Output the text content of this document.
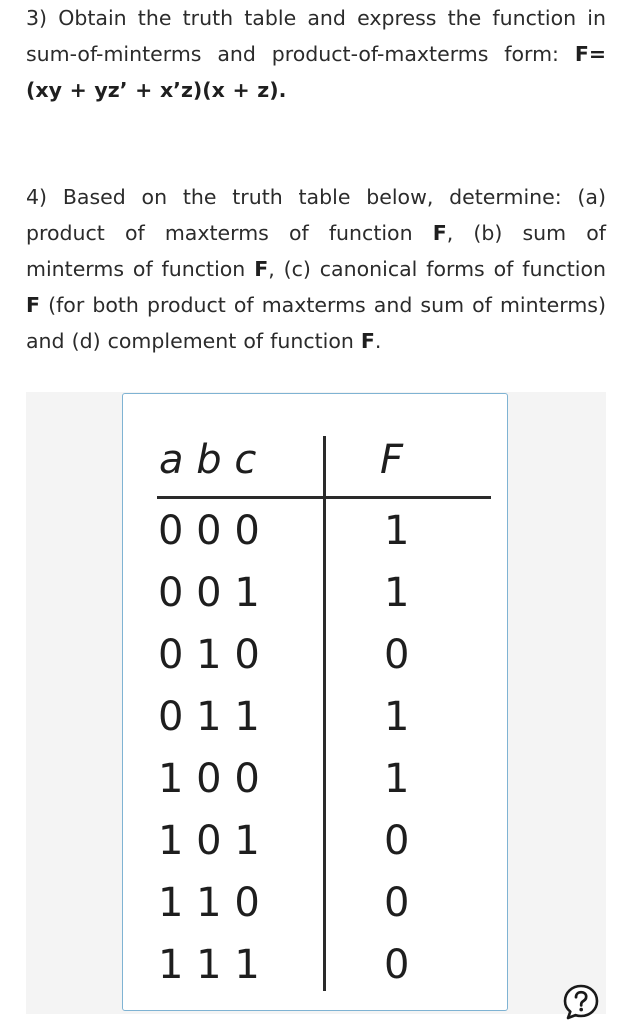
3) Obtain the truth table and express the function in sum-of-minterms and product-of-maxterms form: F= (xy + yz’ + x’z)(x + z).

4) Based on the truth table below, determine: (a) product of maxterms of function F, (b) sum of minterms of function F, (c) canonical forms of function F (for both product of maxterms and sum of minterms) and (d) complement of function F.

a b c	F
0 0 0	1
0 0 1	1
0 1 0	0
0 1 1	1
1 0 0	1
1 0 1	0
1 1 0	0
1 1 1	0
